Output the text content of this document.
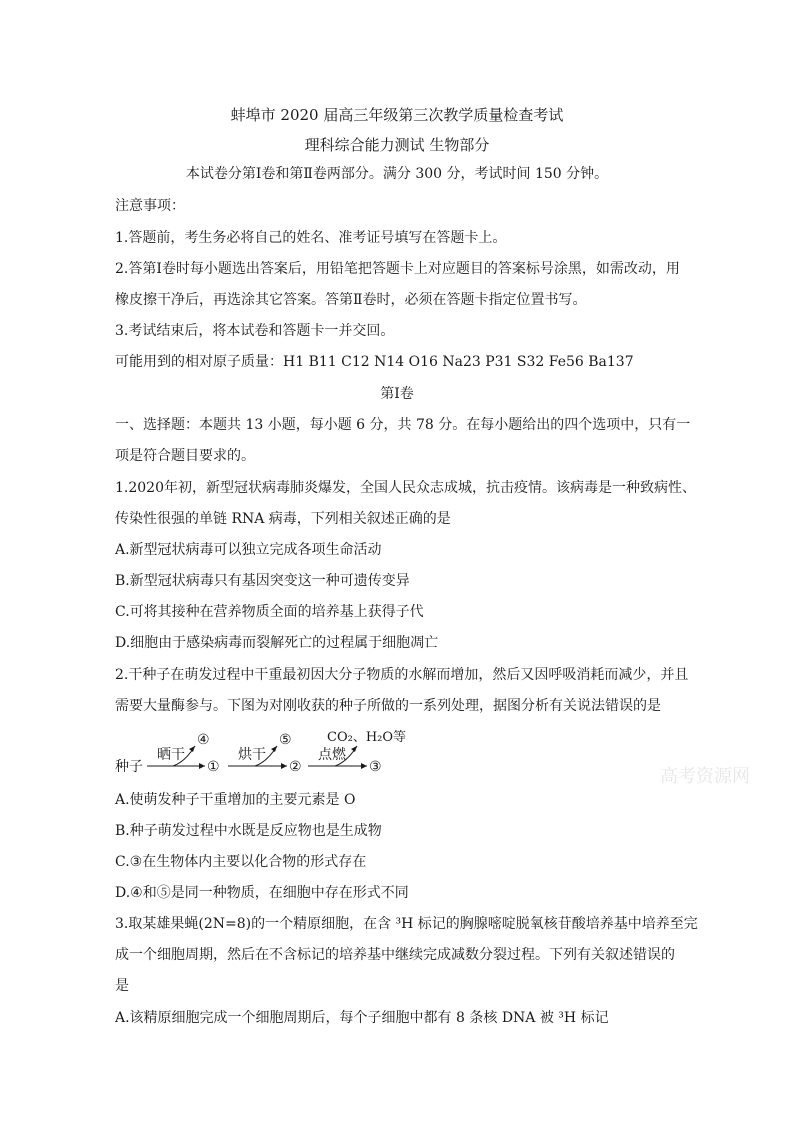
蚌埠市 2020 届高三年级第三次教学质量检查考试
理科综合能力测试 生物部分
本试卷分第Ⅰ卷和第Ⅱ卷两部分。满分 300 分，考试时间 150 分钟。
注意事项：
1.答题前，考生务必将自己的姓名、准考证号填写在答题卡上。
2.答第Ⅰ卷时每小题选出答案后，用铅笔把答题卡上对应题目的答案标号涂黑，如需改动，用
橡皮擦干净后，再选涂其它答案。答第Ⅱ卷时，必须在答题卡指定位置书写。
3.考试结束后，将本试卷和答题卡一并交回。
可能用到的相对原子质量：H1 B11 C12 N14 O16 Na23 P31 S32 Fe56 Ba137
第Ⅰ卷
一、选择题：本题共 13 小题，每小题 6 分，共 78 分。在每小题给出的四个选项中，只有一
项是符合题目要求的。
1.2020年初，新型冠状病毒肺炎爆发，全国人民众志成城，抗击疫情。该病毒是一种致病性、
传染性很强的单链 RNA 病毒，下列相关叙述正确的是
A.新型冠状病毒可以独立完成各项生命活动
B.新型冠状病毒只有基因突变这一种可遗传变异
C.可将其接种在营养物质全面的培养基上获得子代
D.细胞由于感染病毒而裂解死亡的过程属于细胞凋亡
2.干种子在萌发过程中干重最初因大分子物质的水解而增加，然后又因呼吸消耗而减少，并且
需要大量酶参与。下图为对刚收获的种子所做的一系列处理，据图分析有关说法错误的是
种子
晒干
①
④
烘干
②
⑤
点燃
③
CO₂、H₂O等
高考资源网
A.使萌发种子干重增加的主要元素是 O
B.种子萌发过程中水既是反应物也是生成物
C.③在生物体内主要以化合物的形式存在
D.④和⑤是同一种物质，在细胞中存在形式不同
3.取某雄果蝇(2N=8)的一个精原细胞，在含 ³H 标记的胸腺嘧啶脱氧核苷酸培养基中培养至完
成一个细胞周期，然后在不含标记的培养基中继续完成减数分裂过程。下列有关叙述错误的
是
A.该精原细胞完成一个细胞周期后，每个子细胞中都有 8 条核 DNA 被 ³H 标记
